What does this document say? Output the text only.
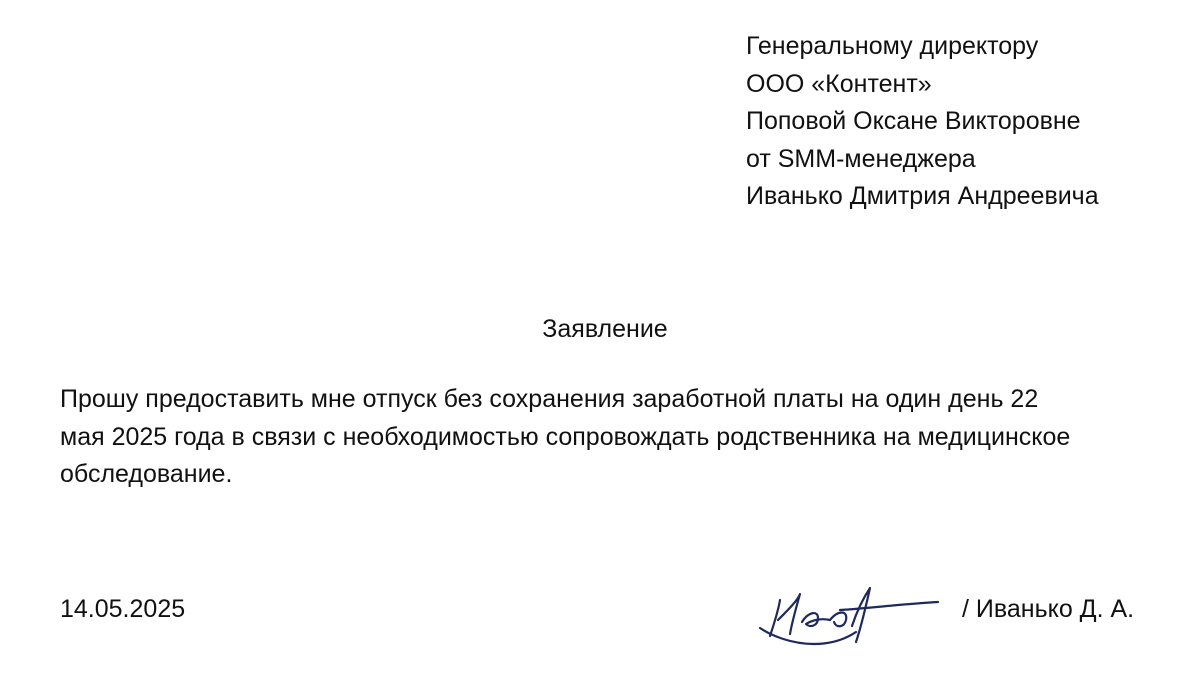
Генеральному директору
ООО «Контент»
Поповой Оксане Викторовне
от SMM-менеджера
Иванько Дмитрия Андреевича
Заявление
Прошу предоставить мне отпуск без сохранения заработной платы на один день 22
мая 2025 года в связи с необходимостью сопровождать родственника на медицинское
обследование.
14.05.2025	/ Иванько Д. А.
